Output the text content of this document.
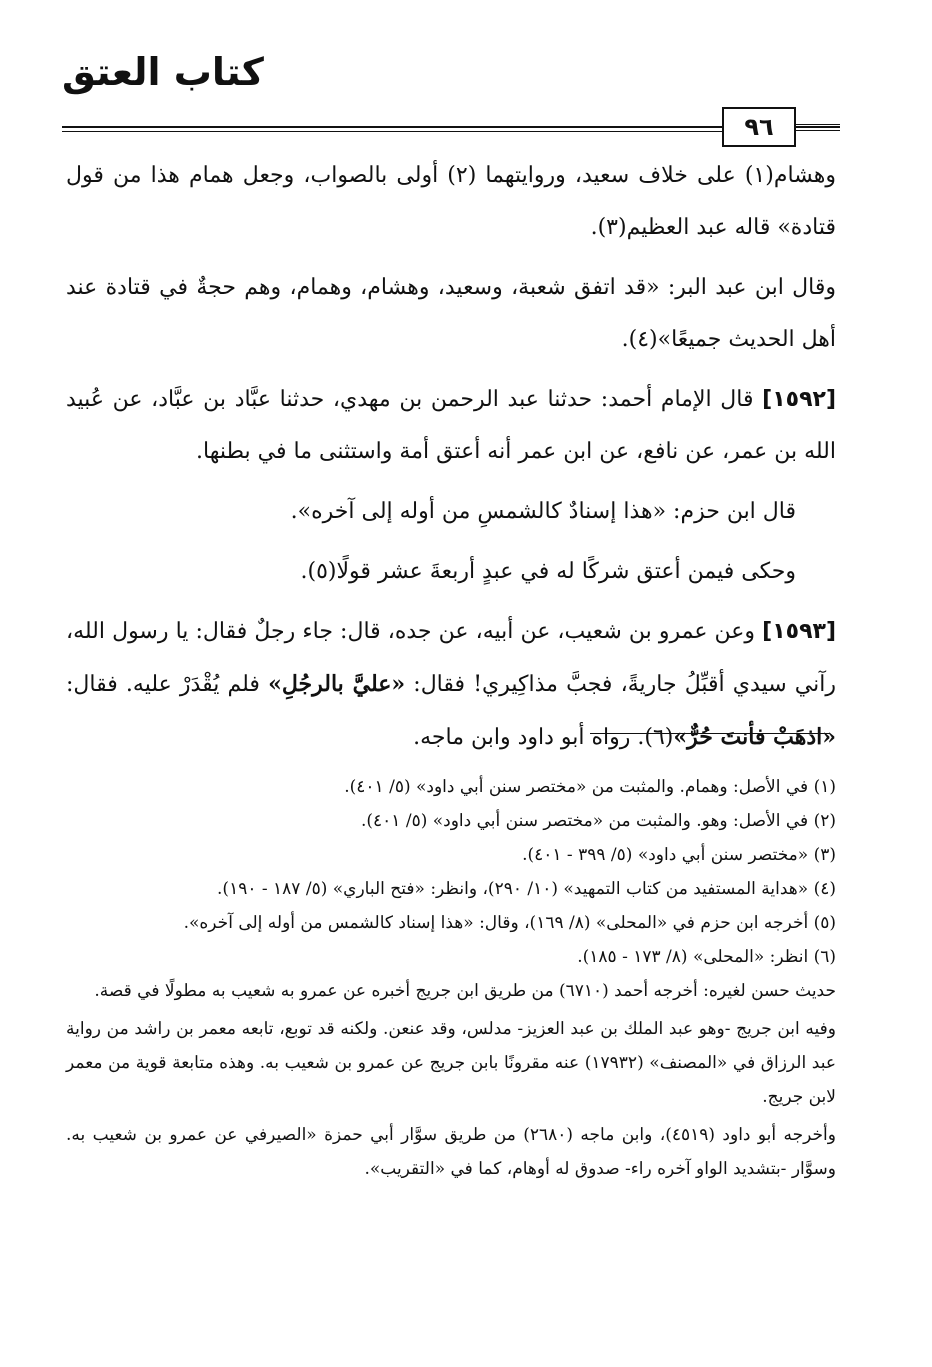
كتاب العتق
٩٦

وهشام(١) على خلاف سعيد، وروايتهما (٢) أولى بالصواب، وجعل همام هذا من قول قتادة» قاله عبد العظيم(٣).

وقال ابن عبد البر: «قد اتفق شعبة، وسعيد، وهشام، وهمام، وهم حجةٌ في قتادة عند أهل الحديث جميعًا»(٤).

[١٥٩٢] قال الإمام أحمد: حدثنا عبد الرحمن بن مهدي، حدثنا عبَّاد بن عبَّاد، عن عُبيد الله بن عمر، عن نافع، عن ابن عمر أنه أعتق أمة واستثنى ما في بطنها.

قال ابن حزم: «هذا إسنادٌ كالشمسِ من أوله إلى آخره».

وحكى فيمن أعتق شركًا له في عبدٍ أربعةَ عشر قولًا(٥).

[١٥٩٣] وعن عمرو بن شعيب، عن أبيه، عن جده، قال: جاء رجلٌ فقال: يا رسول الله، رآني سيدي أقبِّلُ جاريةً، فجبَّ مذاكِيري! فقال: «عليَّ بالرجُلِ» فلم يُقْدَرْ عليه. فقال: «اذهَبْ فأنتَ حُرٌّ»(٦). رواه أبو داود وابن ماجه.

(١) في الأصل: وهمام. والمثبت من «مختصر سنن أبي داود» (٥/ ٤٠١).

(٢) في الأصل: وهو. والمثبت من «مختصر سنن أبي داود» (٥/ ٤٠١).

(٣) «مختصر سنن أبي داود» (٥/ ٣٩٩ - ٤٠١).

(٤) «هداية المستفيد من كتاب التمهيد» (١٠/ ٢٩٠)، وانظر: «فتح الباري» (٥/ ١٨٧ - ١٩٠).

(٥) أخرجه ابن حزم في «المحلى» (٨/ ١٦٩)، وقال: «هذا إسناد كالشمس من أوله إلى آخره».

(٦) انظر: «المحلى» (٨/ ١٧٣ - ١٨٥).

حديث حسن لغيره: أخرجه أحمد (٦٧١٠) من طريق ابن جريج أخبره عن عمرو به شعيب به مطولًا في قصة.

وفيه ابن جريج -وهو عبد الملك بن عبد العزيز- مدلس، وقد عنعن. ولكنه قد توبع، تابعه معمر بن راشد من رواية عبد الرزاق في «المصنف» (١٧٩٣٢) عنه مقرونًا بابن جريج عن عمرو بن شعيب به. وهذه متابعة قوية من معمر لابن جريج.

وأخرجه أبو داود (٤٥١٩)، وابن ماجه (٢٦٨٠) من طريق سوَّار أبي حمزة «الصيرفي عن عمرو بن شعيب به. وسوَّار -بتشديد الواو آخره راء- صدوق له أوهام، كما في «التقريب».
